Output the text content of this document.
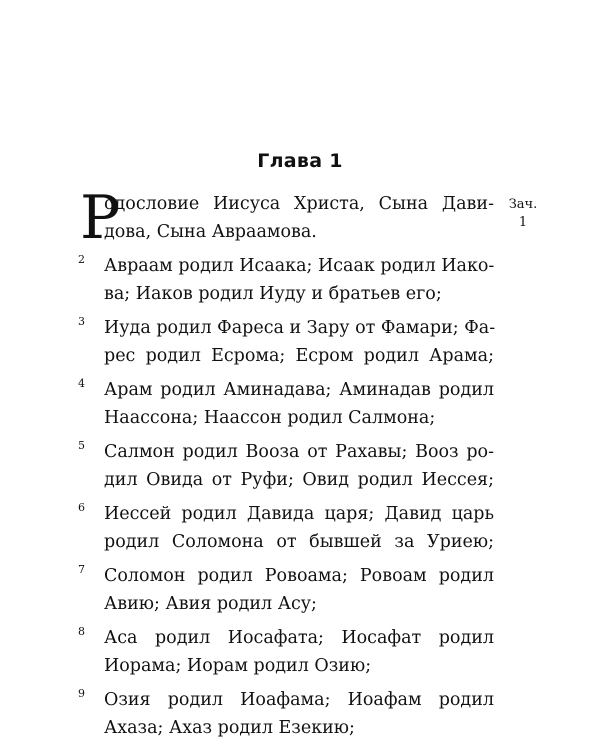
Глава 1
Зач.
1
Р
одословие Иисуса Христа, Сына Дави-
дова, Сына Авраамова.
2 Авраам родил Исаака; Исаак родил Иако-
ва; Иаков родил Иуду и братьев его;
3 Иуда родил Фареса и Зару от Фамари; Фа-
рес родил Есрома; Есром родил Арама;
4 Арам родил Аминадава; Аминадав родил
Наассона; Наассон родил Салмона;
5 Салмон родил Вооза от Рахавы; Вооз ро-
дил Овида от Руфи; Овид родил Иессея;
6 Иессей родил Давида царя; Давид царь
родил Соломона от бывшей за Уриею;
7 Соломон родил Ровоама; Ровоам родил
Авию; Авия родил Асу;
8 Аса родил Иосафата; Иосафат родил
Иорама; Иорам родил Озию;
9 Озия родил Иоафама; Иоафам родил
Ахаза; Ахаз родил Езекию;
